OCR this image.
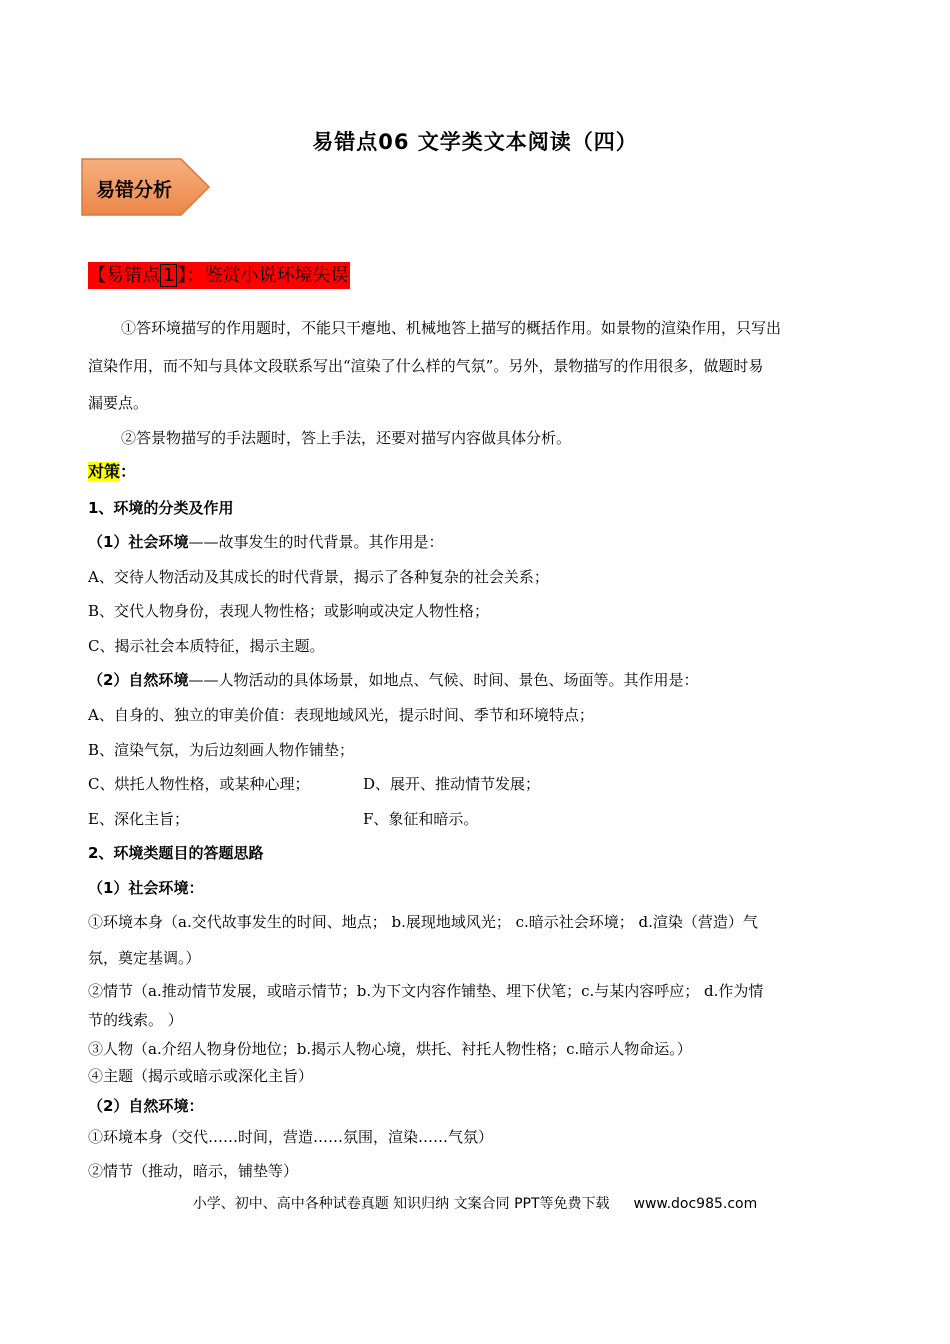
易错点06 文学类文本阅读（四）
易错分析
【易错点 1 】：鉴赏小说环境失误
①答环境描写的作用题时，不能只干瘪地、机械地答上描写的概括作用。如景物的渲染作用，只写出
渲染作用，而不知与具体文段联系写出“渲染了什么样的气氛”。另外，景物描写的作用很多，做题时易
漏要点。
②答景物描写的手法题时，答上手法，还要对描写内容做具体分析。
对策：
1、环境的分类及作用
（1）社会环境——故事发生的时代背景。其作用是：
A、交待人物活动及其成长的时代背景，揭示了各种复杂的社会关系；
B、交代人物身份，表现人物性格；或影响或决定人物性格；
C、揭示社会本质特征，揭示主题。
（2）自然环境——人物活动的具体场景，如地点、气候、时间、景色、场面等。其作用是：
A、自身的、独立的审美价值：表现地域风光，提示时间、季节和环境特点；
B、渲染气氛，为后边刻画人物作铺垫；
C、烘托人物性格，或某种心理；	D、展开、推动情节发展；
E、深化主旨；	F、象征和暗示。
2、环境类题目的答题思路
（1）社会环境：
①环境本身（a.交代故事发生的时间、地点； b.展现地域风光； c.暗示社会环境； d.渲染（营造）气
氛，奠定基调。）
②情节（a.推动情节发展，或暗示情节；b.为下文内容作铺垫、埋下伏笔；c.与某内容呼应； d.作为情
节的线索。 ）
③人物（a.介绍人物身份地位；b.揭示人物心境，烘托、衬托人物性格；c.暗示人物命运。）
④主题（揭示或暗示或深化主旨）
（2）自然环境：
①环境本身（交代……时间，营造……氛围，渲染……气氛）
②情节（推动，暗示，铺垫等）
小学、初中、高中各种试卷真题 知识归纳 文案合同 PPT等免费下载 www.doc985.com
